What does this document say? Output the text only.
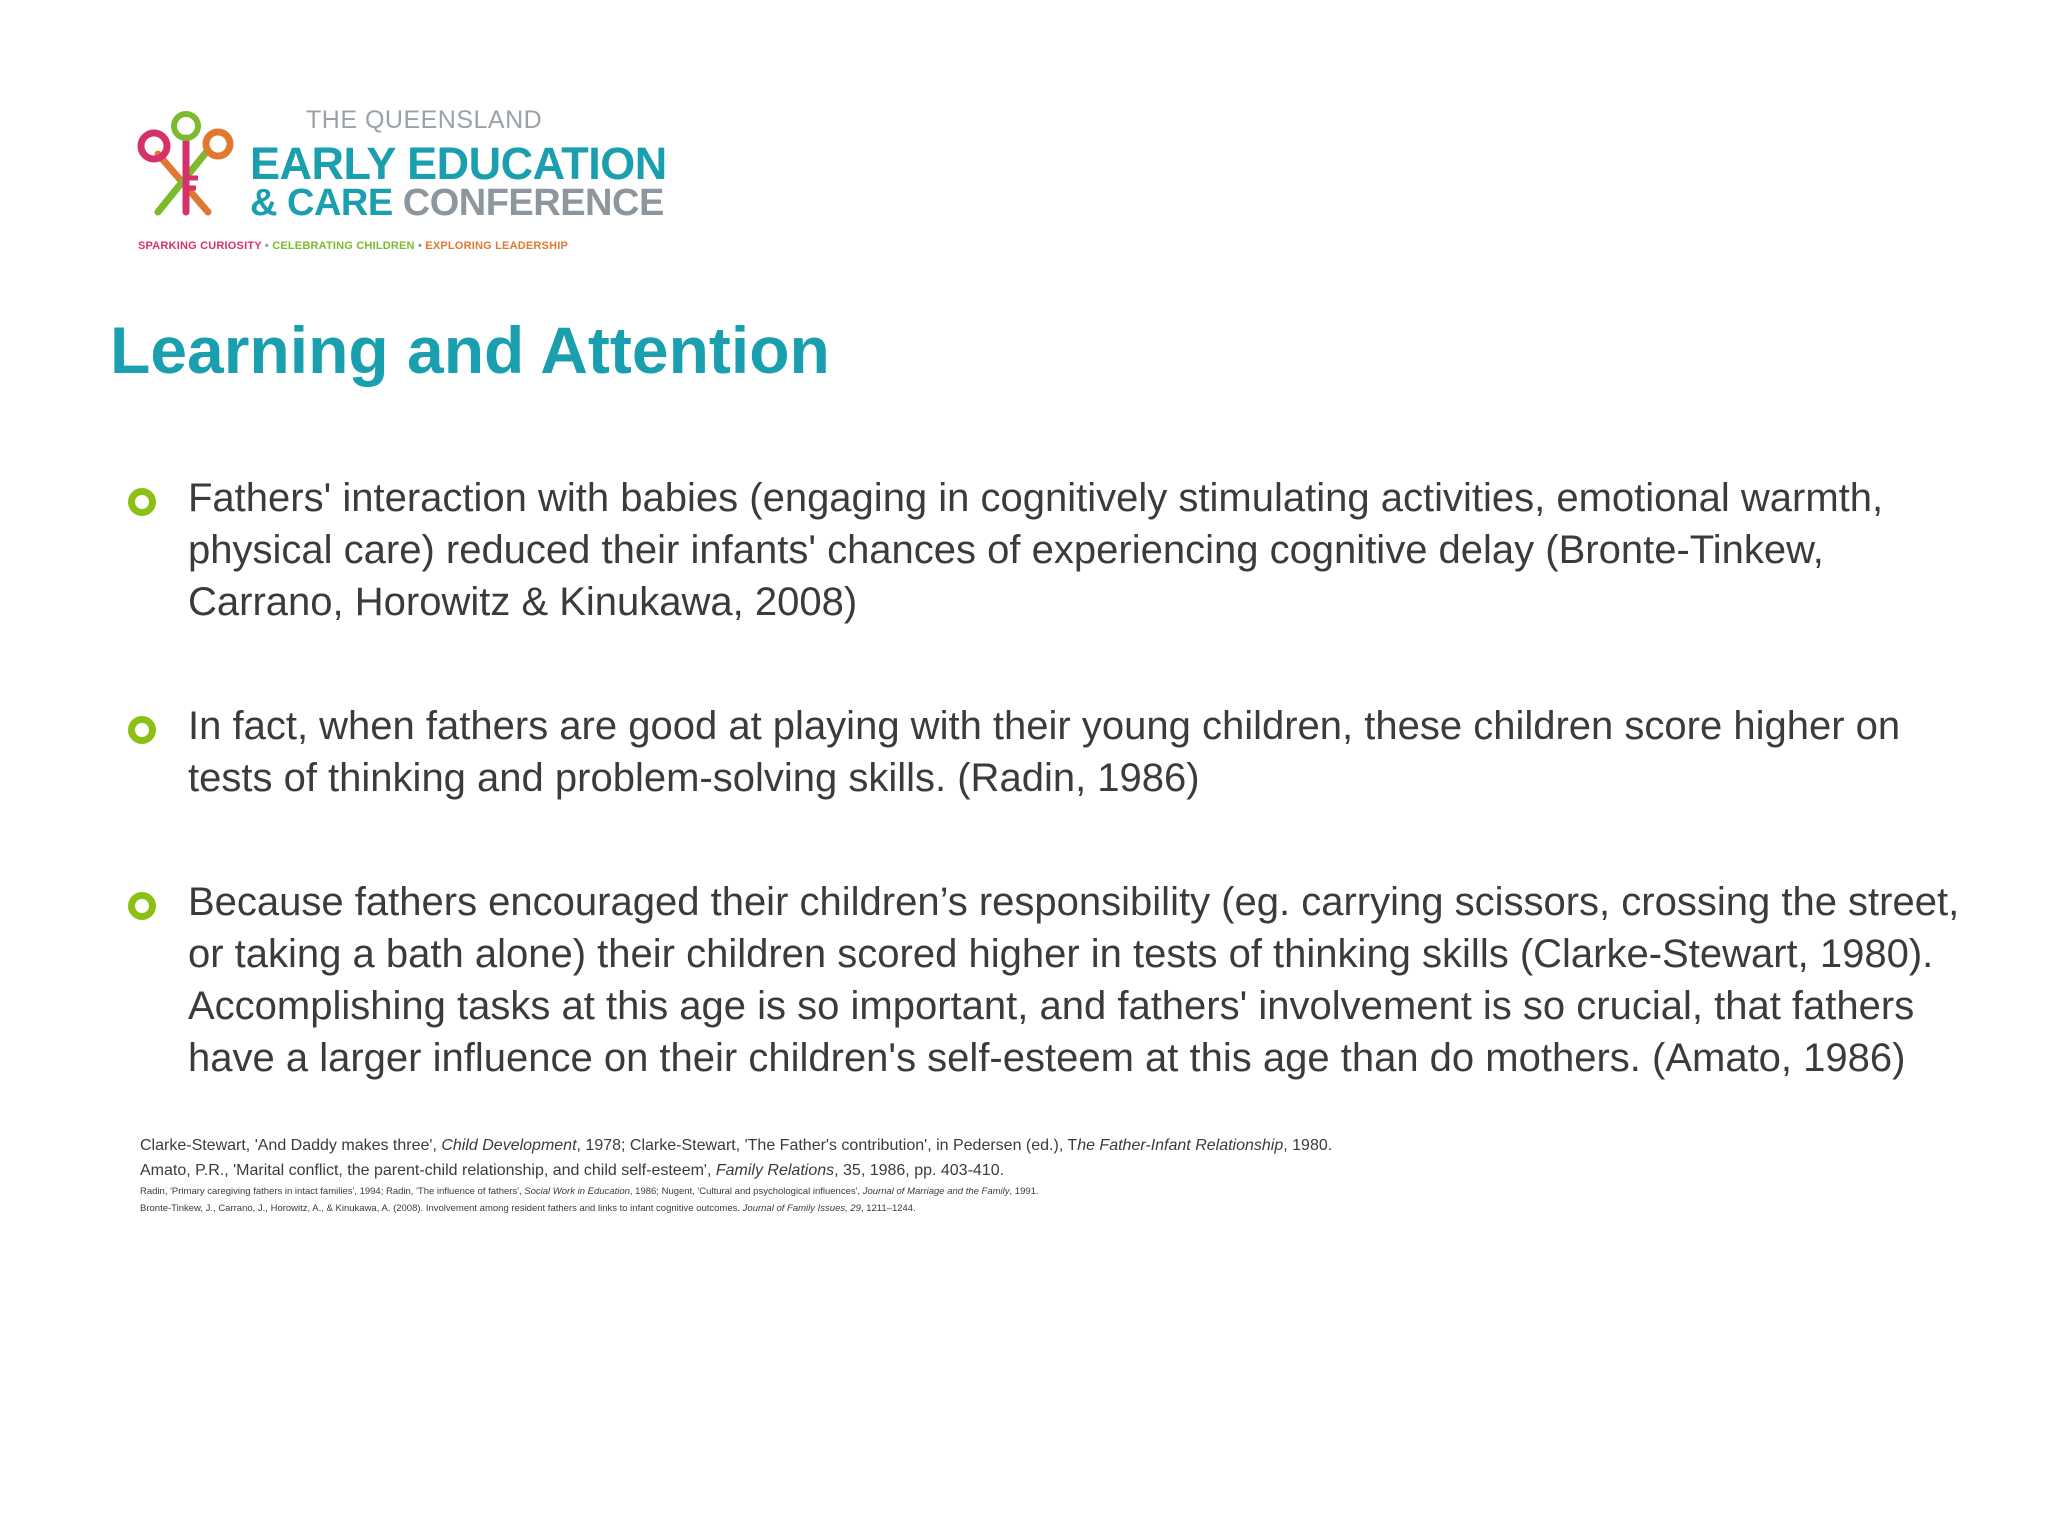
THE QUEENSLAND
EARLY EDUCATION
& CARE CONFERENCE
SPARKING CURIOSITY • CELEBRATING CHILDREN • EXPLORING LEADERSHIP
Learning and Attention
Fathers' interaction with babies (engaging in cognitively stimulating activities, emotional warmth, physical care) reduced their infants' chances of experiencing cognitive delay (Bronte-Tinkew, Carrano, Horowitz & Kinukawa, 2008)
In fact, when fathers are good at playing with their young children, these children score higher on tests of thinking and problem-solving skills. (Radin, 1986)
Because fathers encouraged their children’s responsibility (eg. carrying scissors, crossing the street, or taking a bath alone) their children scored higher in tests of thinking skills (Clarke-Stewart, 1980). Accomplishing tasks at this age is so important, and fathers' involvement is so crucial, that fathers have a larger influence on their children's self-esteem at this age than do mothers. (Amato, 1986)
Clarke-Stewart, 'And Daddy makes three', Child Development, 1978; Clarke-Stewart, 'The Father's contribution', in Pedersen (ed.), The Father-Infant Relationship, 1980.
Amato, P.R., 'Marital conflict, the parent-child relationship, and child self-esteem', Family Relations, 35, 1986, pp. 403-410.
Radin, 'Primary caregiving fathers in intact families', 1994; Radin, 'The influence of fathers', Social Work in Education, 1986; Nugent, 'Cultural and psychological influences', Journal of Marriage and the Family, 1991.
Bronte-Tinkew, J., Carrano, J., Horowitz, A., & Kinukawa, A. (2008). Involvement among resident fathers and links to infant cognitive outcomes. Journal of Family Issues, 29, 1211–1244.
